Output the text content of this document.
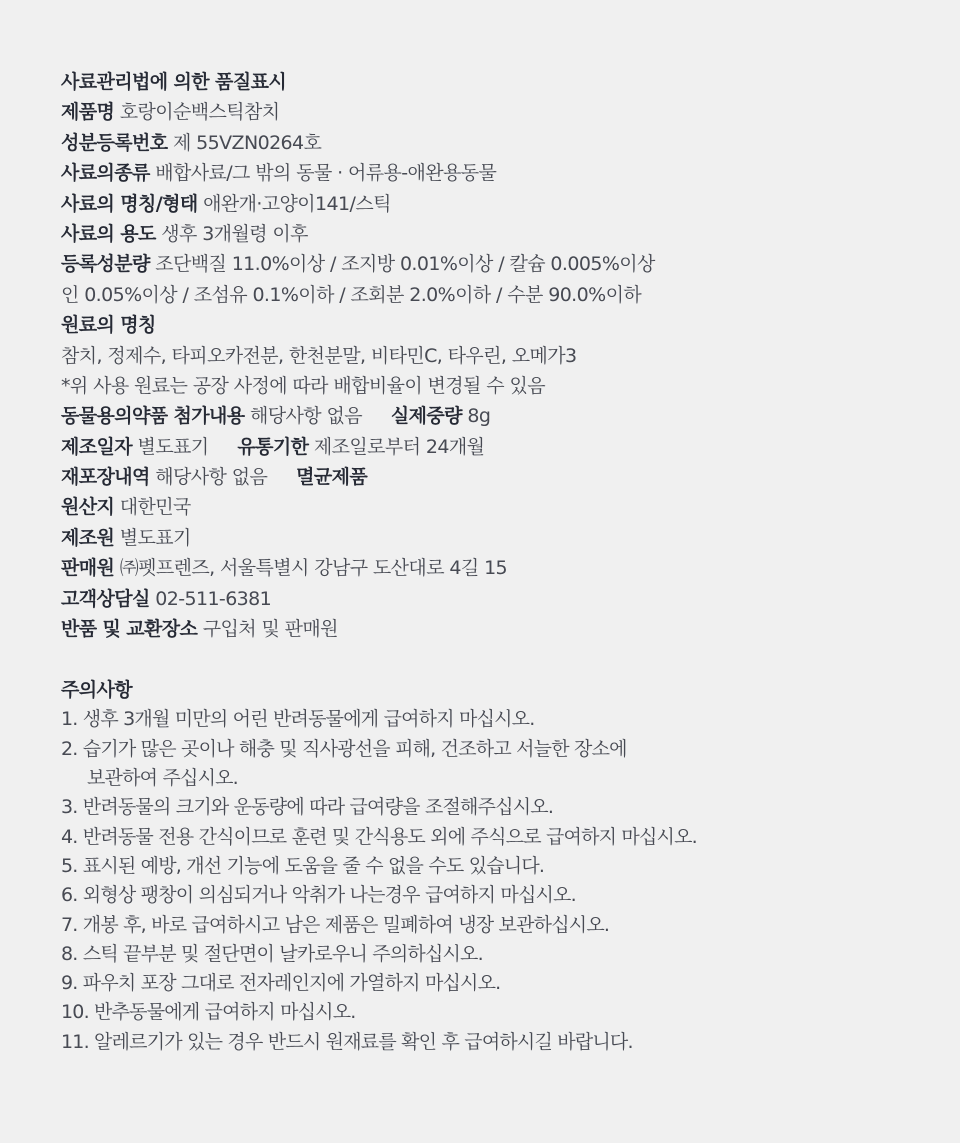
사료관리법에 의한 품질표시
제품명 호랑이순백스틱참치
성분등록번호 제 55VZN0264호
사료의종류 배합사료/그 밖의 동물 · 어류용-애완용동물
사료의 명칭/형태 애완개·고양이141/스틱
사료의 용도 생후 3개월령 이후
등록성분량 조단백질 11.0%이상 / 조지방 0.01%이상 / 칼슘 0.005%이상
인 0.05%이상 / 조섬유 0.1%이하 / 조회분 2.0%이하 / 수분 90.0%이하
원료의 명칭
참치, 정제수, 타피오카전분, 한천분말, 비타민C, 타우린, 오메가3
*위 사용 원료는 공장 사정에 따라 배합비율이 변경될 수 있음
동물용의약품 첨가내용 해당사항 없음 실제중량 8g
제조일자 별도표기 유통기한 제조일로부터 24개월
재포장내역 해당사항 없음 멸균제품
원산지 대한민국
제조원 별도표기
판매원 ㈜펫프렌즈, 서울특별시 강남구 도산대로 4길 15
고객상담실 02-511-6381
반품 및 교환장소 구입처 및 판매원
주의사항
1. 생후 3개월 미만의 어린 반려동물에게 급여하지 마십시오.
2. 습기가 많은 곳이나 해충 및 직사광선을 피해, 건조하고 서늘한 장소에
보관하여 주십시오.
3. 반려동물의 크기와 운동량에 따라 급여량을 조절해주십시오.
4. 반려동물 전용 간식이므로 훈련 및 간식용도 외에 주식으로 급여하지 마십시오.
5. 표시된 예방, 개선 기능에 도움을 줄 수 없을 수도 있습니다.
6. 외형상 팽창이 의심되거나 악취가 나는경우 급여하지 마십시오.
7. 개봉 후, 바로 급여하시고 남은 제품은 밀폐하여 냉장 보관하십시오.
8. 스틱 끝부분 및 절단면이 날카로우니 주의하십시오.
9. 파우치 포장 그대로 전자레인지에 가열하지 마십시오.
10. 반추동물에게 급여하지 마십시오.
11. 알레르기가 있는 경우 반드시 원재료를 확인 후 급여하시길 바랍니다.
